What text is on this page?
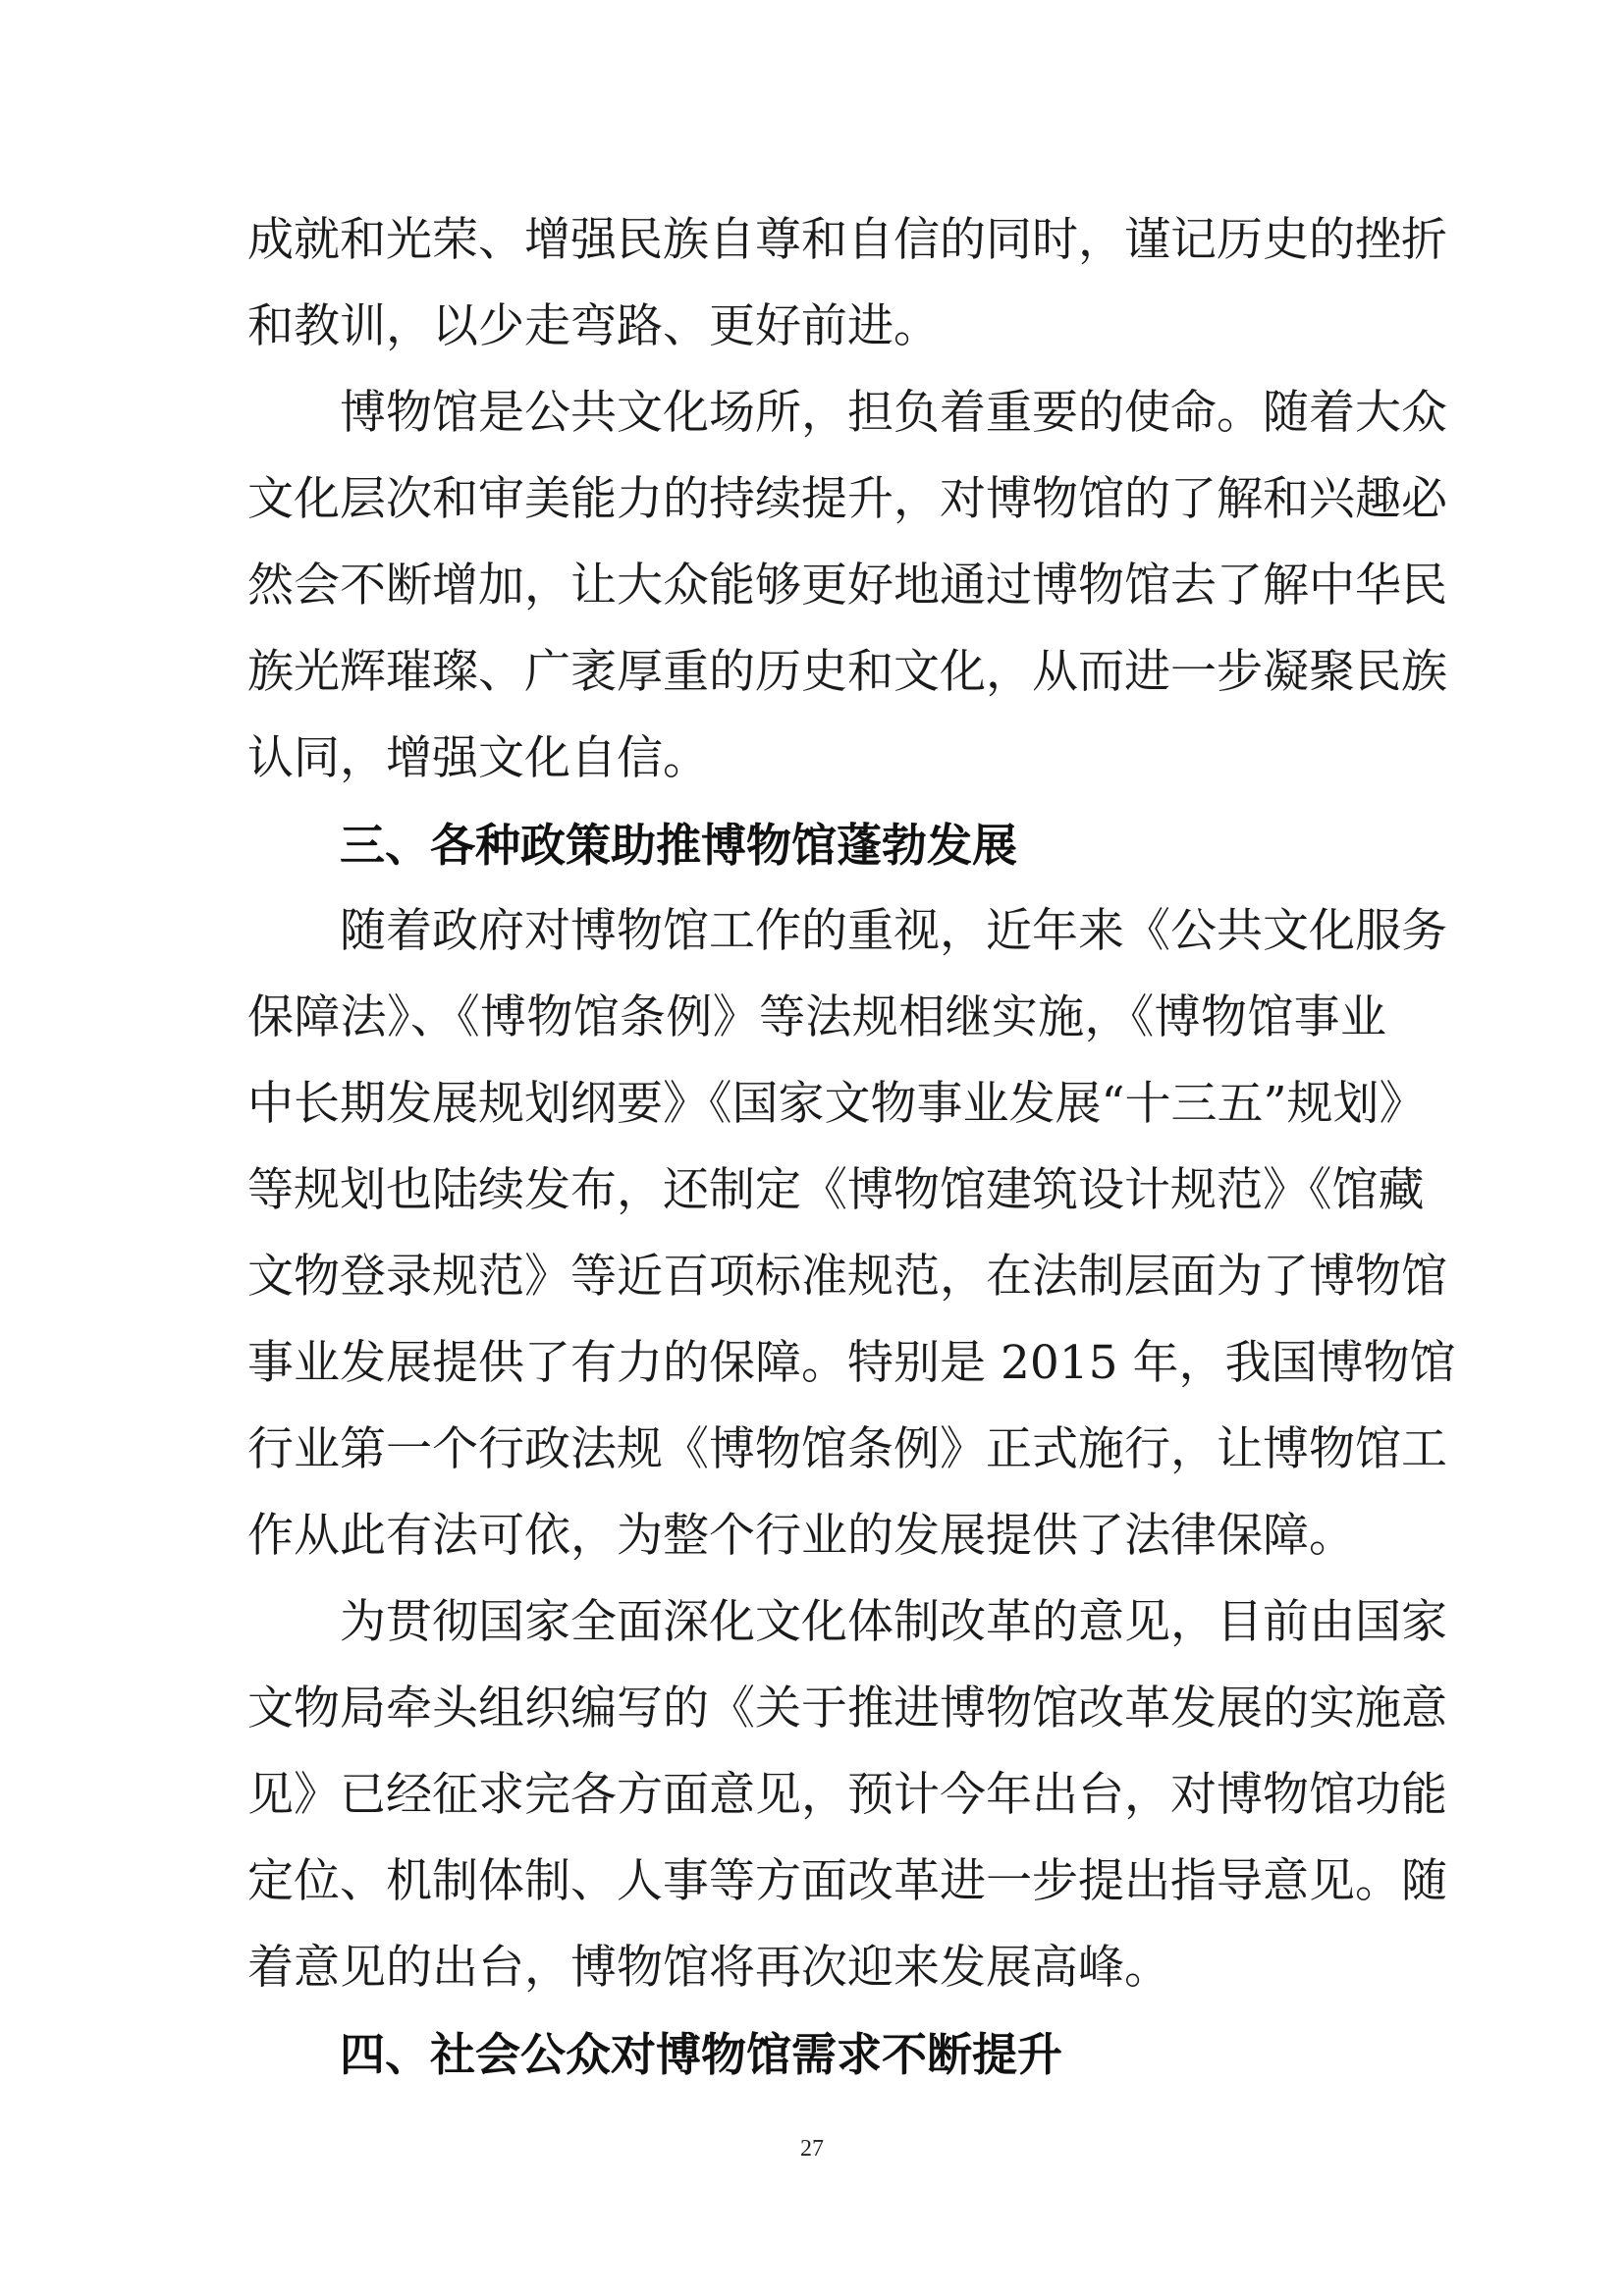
成就和光荣、增强民族自尊和自信的同时，谨记历史的挫折

和教训，以少走弯路、更好前进。

博物馆是公共文化场所，担负着重要的使命。随着大众

文化层次和审美能力的持续提升，对博物馆的了解和兴趣必

然会不断增加，让大众能够更好地通过博物馆去了解中华民

族光辉璀璨、广袤厚重的历史和文化，从而进一步凝聚民族

认同，增强文化自信。

三、各种政策助推博物馆蓬勃发展

随着政府对博物馆工作的重视，近年来《公共文化服务

保障法》、《博物馆条例》等法规相继实施，《博物馆事业

中长期发展规划纲要》《国家文物事业发展“十三五”规划》

等规划也陆续发布，还制定《博物馆建筑设计规范》《馆藏

文物登录规范》等近百项标准规范，在法制层面为了博物馆

事业发展提供了有力的保障。特别是 2015 年，我国博物馆

行业第一个行政法规《博物馆条例》正式施行，让博物馆工

作从此有法可依，为整个行业的发展提供了法律保障。

为贯彻国家全面深化文化体制改革的意见，目前由国家

文物局牵头组织编写的《关于推进博物馆改革发展的实施意

见》已经征求完各方面意见，预计今年出台，对博物馆功能

定位、机制体制、人事等方面改革进一步提出指导意见。随

着意见的出台，博物馆将再次迎来发展高峰。

四、社会公众对博物馆需求不断提升

27
